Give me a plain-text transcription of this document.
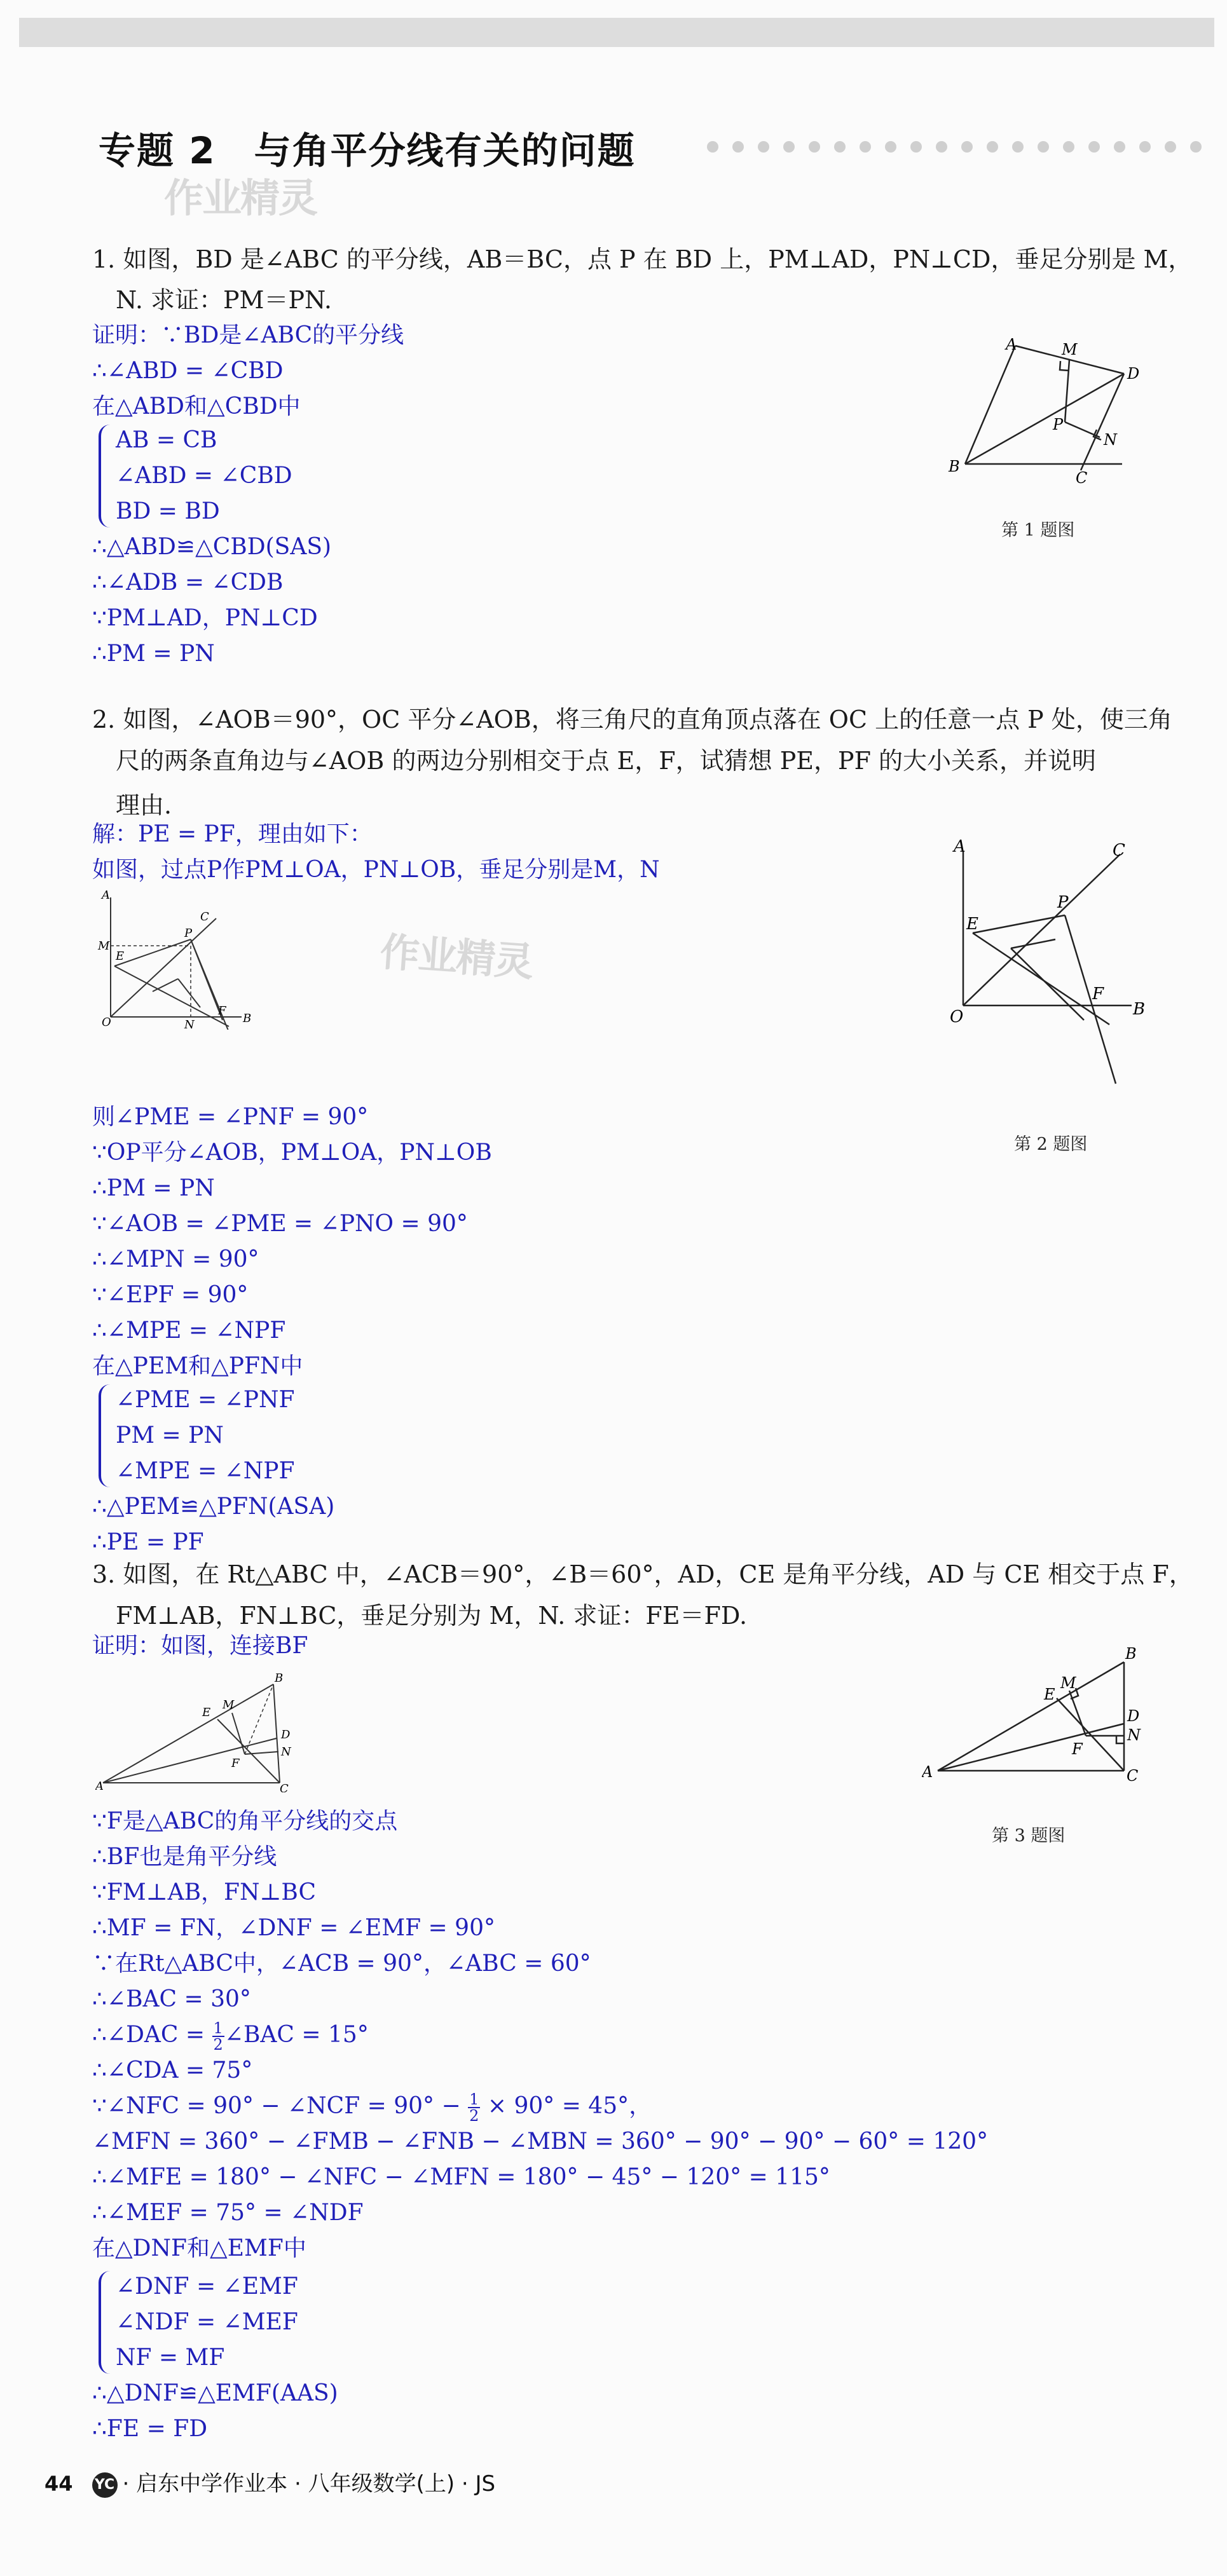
专题 2 与角平分线有关的问题
作业精灵
作业精灵
1. 如图，BD 是∠ABC 的平分线，AB＝BC，点 P 在 BD 上，PM⊥AD，PN⊥CD，垂足分别是 M，
N. 求证：PM＝PN.
证明：∵BD是∠ABC的平分线
∴∠ABD = ∠CBD
在△ABD和△CBD中
AB = CB
∠ABD = ∠CBD
BD = BD
∴△ABD≌△CBD(SAS)
∴∠ADB = ∠CDB
∵PM⊥AD，PN⊥CD
∴PM = PN
A	M
D
P
N
B
C
第 1 题图
2. 如图，∠AOB＝90°，OC 平分∠AOB，将三角尺的直角顶点落在 OC 上的任意一点 P 处，使三角
尺的两条直角边与∠AOB 的两边分别相交于点 E，F，试猜想 PE，PF 的大小关系，并说明
理由.
解：PE = PF，理由如下：
如图，过点P作PM⊥OA，PN⊥OB，垂足分别是M，N
A
C
M
P
E
O	N
F
B
A	C
P
E
O
F
B
第 2 题图
则∠PME = ∠PNF = 90°
∵OP平分∠AOB，PM⊥OA，PN⊥OB
∴PM = PN
∵∠AOB = ∠PME = ∠PNO = 90°
∴∠MPN = 90°
∵∠EPF = 90°
∴∠MPE = ∠NPF
在△PEM和△PFN中
∠PME = ∠PNF
PM = PN
∠MPE = ∠NPF
∴△PEM≌△PFN(ASA)
∴PE = PF
3. 如图，在 Rt△ABC 中，∠ACB＝90°，∠B＝60°，AD，CE 是角平分线，AD 与 CE 相交于点 F，
FM⊥AB，FN⊥BC，垂足分别为 M，N. 求证：FE＝FD.
证明：如图，连接BF
B
E
M
D
N
F
A	C
B
E
M
D
N
F
A	C
第 3 题图
∵F是△ABC的角平分线的交点
∴BF也是角平分线
∵FM⊥AB，FN⊥BC
∴MF = FN，∠DNF = ∠EMF = 90°
∵在Rt△ABC中，∠ACB = 90°，∠ABC = 60°
∴∠BAC = 30°
∴∠DAC = $\frac{1}{2}$ ∠BAC = 15°
∴∠CDA = 75°
∵∠NFC = 90° − ∠NCF = $90^\circ - \frac{1}{2} \times 90^\circ = 45^\circ$，
∠MFN = 360° − ∠FMB − ∠FNB − ∠MBN = 360° − 90° − 90° − 60° = 120°
∴∠MFE = 180° − ∠NFC − ∠MFN = 180° − 45° − 120° = 115°
∴∠MEF = 75° = ∠NDF
在△DNF和△EMF中
∠DNF = ∠EMF
∠NDF = ∠MEF
NF = MF
∴△DNF≌△EMF(AAS)
∴FE = FD
44 YC · 启东中学作业本 · 八年级数学(上) · JS
